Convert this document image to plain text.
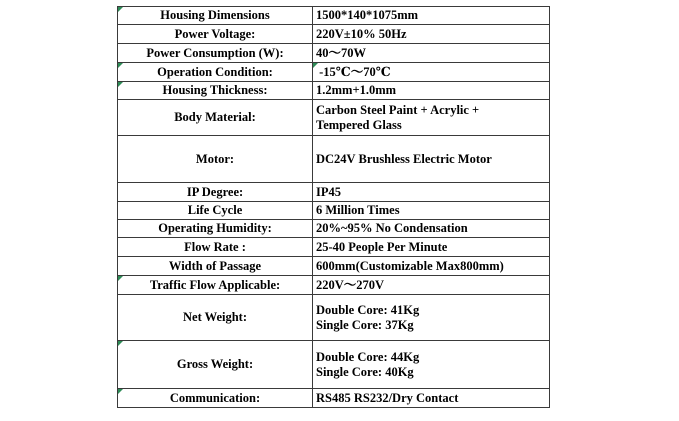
Housing Dimensions	1500*140*1075mm

Power Voltage:	220V±10% 50Hz

Power Consumption (W):	40～70W

Operation Condition:	-15℃～70℃

Housing Thickness:	1.2mm+1.0mm

Body Material:	Carbon Steel Paint + Acrylic +
Tempered Glass

Motor:	DC24V Brushless Electric Motor

IP Degree:	IP45

Life Cycle	6 Million Times

Operating Humidity:	20%~95% No Condensation

Flow Rate :	25-40 People Per Minute

Width of Passage	600mm(Customizable Max800mm)

Traffic Flow Applicable:	220V～270V

Net Weight:	Double Core: 41Kg
Single Core: 37Kg

Gross Weight:	Double Core: 44Kg
Single Core: 40Kg

Communication:	RS485 RS232/Dry Contact
